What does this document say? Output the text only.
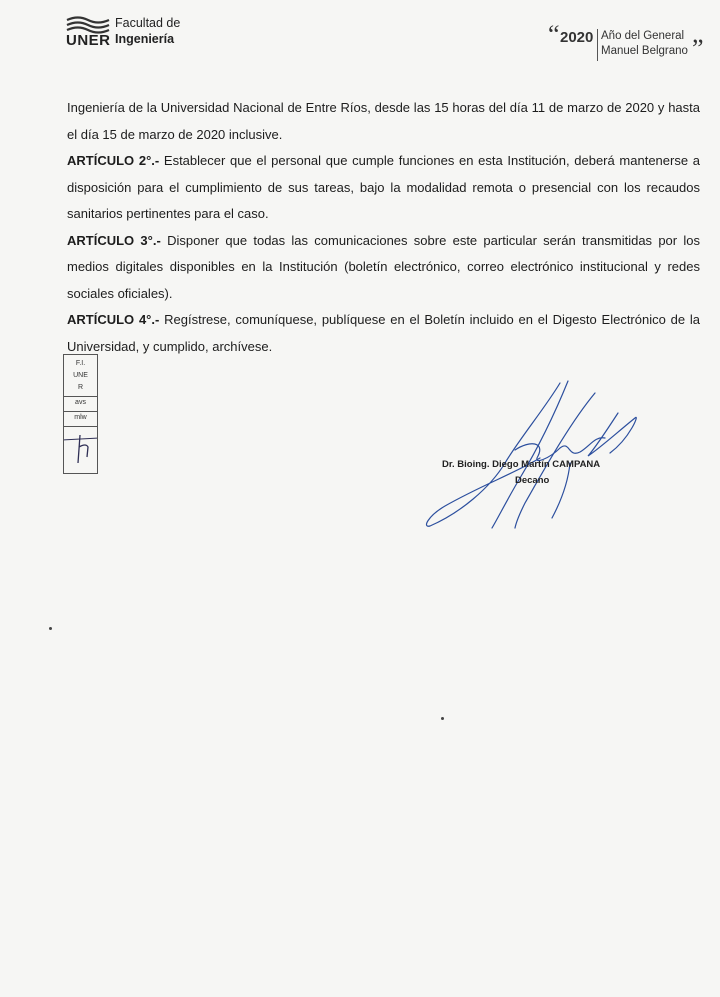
UNER
Facultad de
Ingeniería	“ 2020 Año del General
Manuel Belgrano ”

Ingeniería de la Universidad Nacional de Entre Ríos, desde las 15 horas del día 11 de marzo de 2020 y hasta el día 15 de marzo de 2020 inclusive.

ARTÍCULO 2°.- Establecer que el personal que cumple funciones en esta Institución, deberá mantenerse a disposición para el cumplimiento de sus tareas, bajo la modalidad remota o presencial con los recaudos sanitarios pertinentes para el caso.

ARTÍCULO 3°.- Disponer que todas las comunicaciones sobre este particular serán transmitidas por los medios digitales disponibles en la Institución (boletín electrónico, correo electrónico institucional y redes sociales oficiales).

ARTÍCULO 4°.- Regístrese, comuníquese, publíquese en el Boletín incluido en el Digesto Electrónico de la Universidad, y cumplido, archívese.

F.I.
UNE
R
avs
mlw
Dr. Bioing. Diego Martín CAMPANA
Decano
